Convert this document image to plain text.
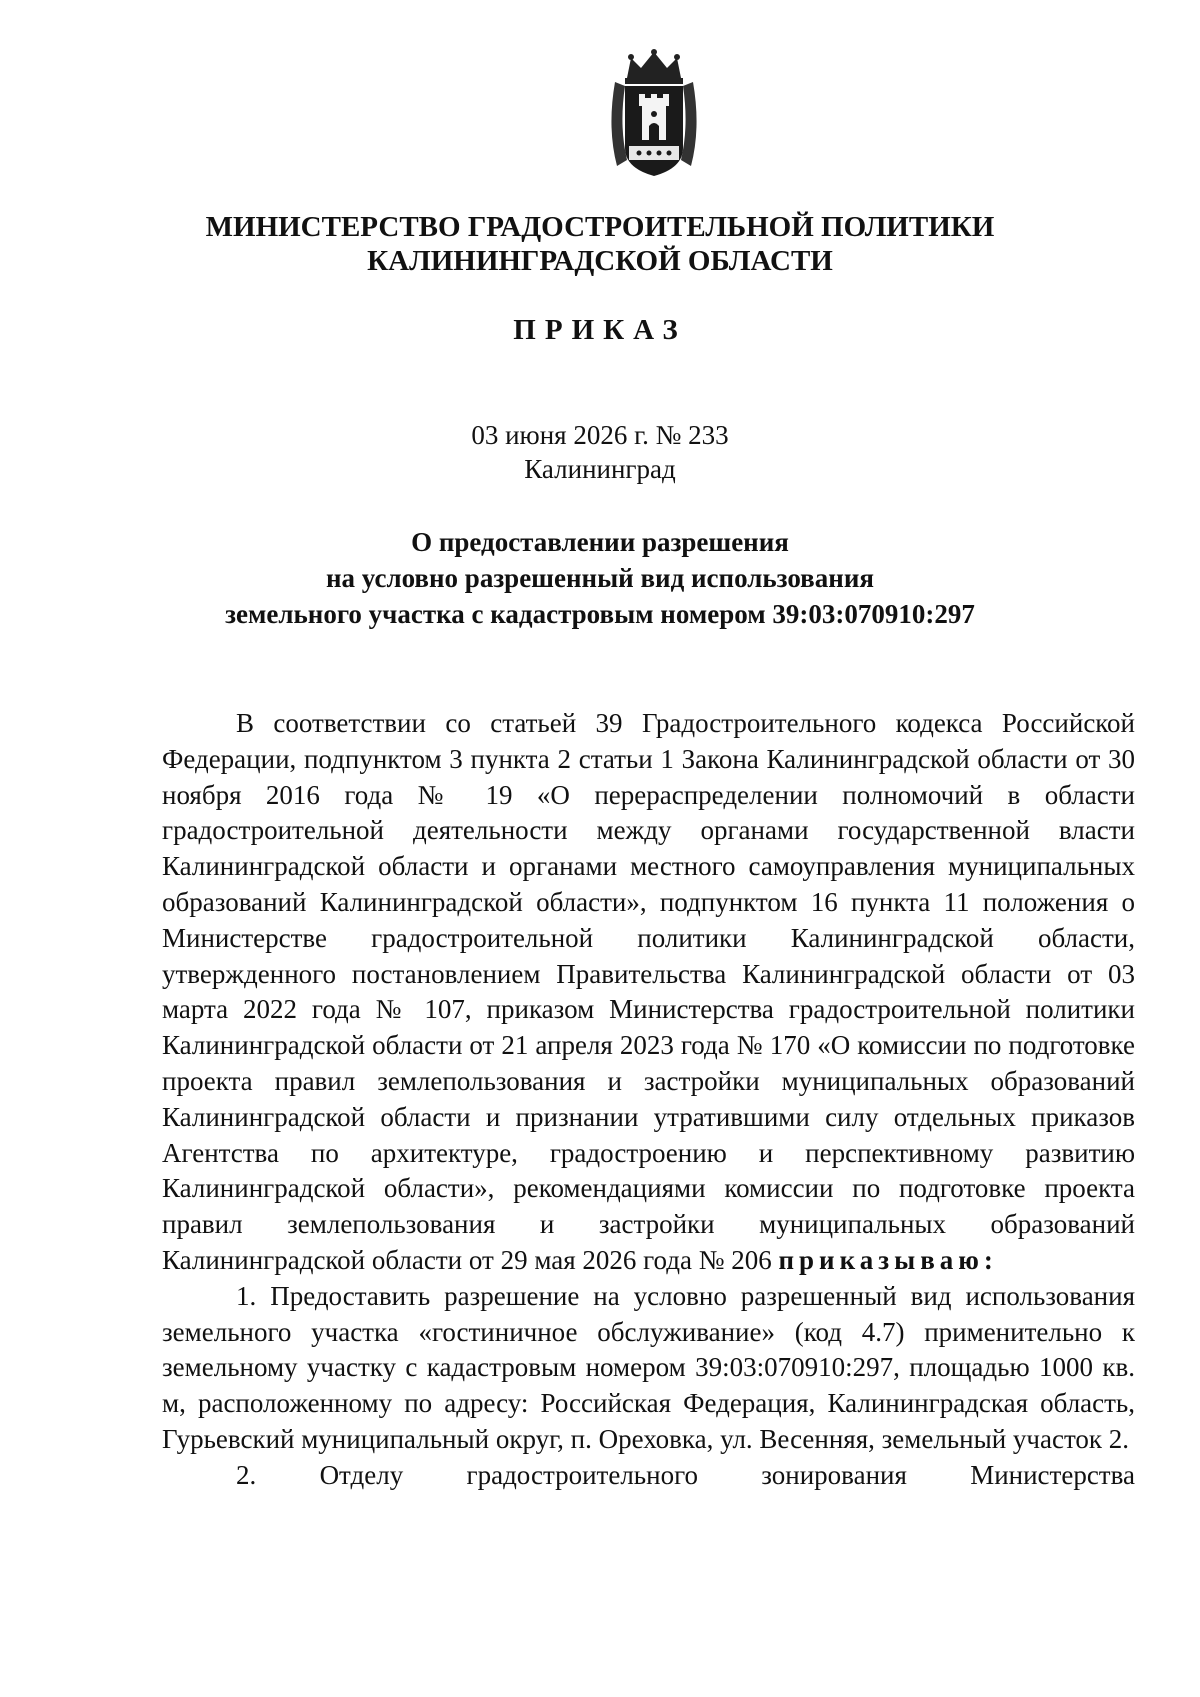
МИНИСТЕРСТВО ГРАДОСТРОИТЕЛЬНОЙ ПОЛИТИКИ
КАЛИНИНГРАДСКОЙ ОБЛАСТИ
ПРИКАЗ
03 июня 2026 г. № 233
Калининград
О предоставлении разрешения
на условно разрешенный вид использования
земельного участка с кадастровым номером 39:03:070910:297

В соответствии со статьей 39 Градостроительного кодекса Российской Федерации, подпунктом 3 пункта 2 статьи 1 Закона Калининградской области от 30 ноября 2016 года № 19 «О перераспределении полномочий в области градостроительной деятельности между органами государственной власти Калининградской области и органами местного самоуправления муниципальных образований Калининградской области», подпунктом 16 пункта 11 положения о Министерстве градостроительной политики Калининградской области, утвержденного постановлением Правительства Калининградской области от 03 марта 2022 года № 107, приказом Министерства градостроительной политики Калининградской области от 21 апреля 2023 года № 170 «О комиссии по подготовке проекта правил землепользования и застройки муниципальных образований Калининградской области и признании утратившими силу отдельных приказов Агентства по архитектуре, градостроению и перспективному развитию Калининградской области», рекомендациями комиссии по подготовке проекта правил землепользования и застройки муниципальных образований Калининградской области от 29 мая 2026 года № 206 приказываю:

1. Предоставить разрешение на условно разрешенный вид использования земельного участка «гостиничное обслуживание» (код 4.7) применительно к земельному участку с кадастровым номером 39:03:070910:297, площадью 1000 кв. м, расположенному по адресу: Российская Федерация, Калининградская область, Гурьевский муниципальный округ, п. Ореховка, ул. Весенняя, земельный участок 2.

2. Отделу градостроительного зонирования Министерства
